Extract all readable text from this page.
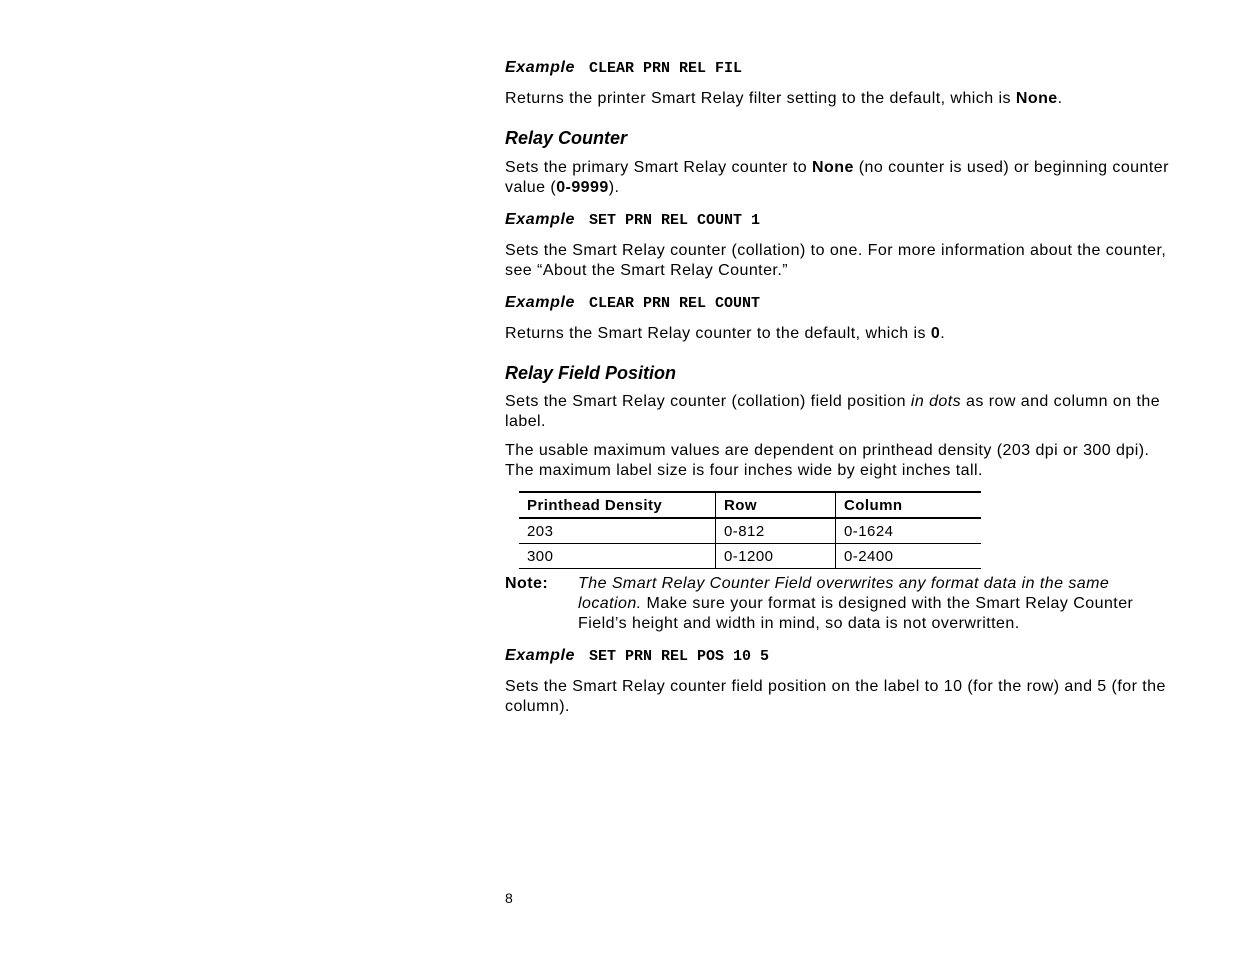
Example CLEAR PRN REL FIL

Returns the printer Smart Relay filter setting to the default, which is None.

Relay Counter

Sets the primary Smart Relay counter to None (no counter is used) or beginning counter value (0-9999).

Example SET PRN REL COUNT 1

Sets the Smart Relay counter (collation) to one. For more information about the counter, see “About the Smart Relay Counter.”

Example CLEAR PRN REL COUNT

Returns the Smart Relay counter to the default, which is 0.

Relay Field Position

Sets the Smart Relay counter (collation) field position in dots as row and column on the label.

The usable maximum values are dependent on printhead density (203 dpi or 300 dpi). The maximum label size is four inches wide by eight inches tall.

Printhead Density	Row	Column
203	0-812	0-1624
300	0-1200	0-2400
Note:	The Smart Relay Counter Field overwrites any format data in the same location. Make sure your format is designed with the Smart Relay Counter Field’s height and width in mind, so data is not overwritten.

Example SET PRN REL POS 10 5

Sets the Smart Relay counter field position on the label to 10 (for the row) and 5 (for the column).

8
